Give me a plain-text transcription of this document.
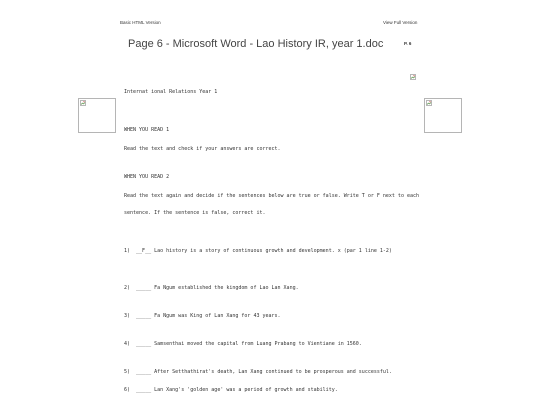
Basic HTML Version	View Full Version
Page 6 - Microsoft Word - Lao History IR, year 1.doc	P. 6
Internat ional Relations Year 1
WHEN YOU READ 1
Read the text and check if your answers are correct.
WHEN YOU READ 2
Read the text again and decide if the sentences below are true or false. Write T or F next to each
sentence. If the sentence is false, correct it.
1)  __F__ Lao history is a story of continuous growth and development. x (par 1 line 1-2)
2)  _____ Fa Ngum established the kingdom of Lao Lan Xang.
3)  _____ Fa Ngum was King of Lan Xang for 43 years.
4)  _____ Samsenthai moved the capital from Luang Prabang to Vientiane in 1560.
5)  _____ After Setthathirat's death, Lan Xang continued to be prosperous and successful.
6)  _____ Lan Xang's 'golden age' was a period of growth and stability.
